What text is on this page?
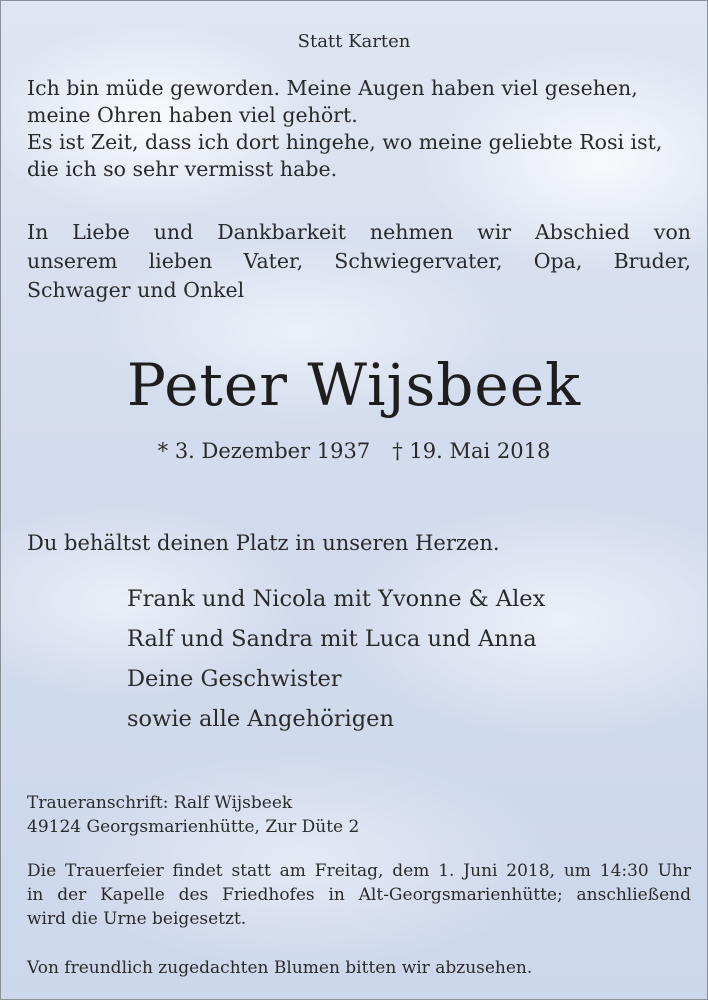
Statt Karten

Ich bin müde geworden. Meine Augen haben viel gesehen,
meine Ohren haben viel gehört.
Es ist Zeit, dass ich dort hingehe, wo meine geliebte Rosi ist,
die ich so sehr vermisst habe.
In Liebe und Dankbarkeit nehmen wir Abschied von
unserem lieben Vater, Schwiegervater, Opa, Bruder,
Schwager und Onkel

Peter Wijsbeek

* 3. Dezember 1937 † 19. Mai 2018

Du behältst deinen Platz in unseren Herzen.

Frank und Nicola mit Yvonne & Alex
Ralf und Sandra mit Luca und Anna
Deine Geschwister
sowie alle Angehörigen
Traueranschrift: Ralf Wijsbeek
49124 Georgsmarienhütte, Zur Düte 2
Die Trauerfeier findet statt am Freitag, dem 1. Juni 2018, um 14:30 Uhr
in der Kapelle des Friedhofes in Alt-Georgsmarienhütte; anschließend
wird die Urne beigesetzt.

Von freundlich zugedachten Blumen bitten wir abzusehen.
